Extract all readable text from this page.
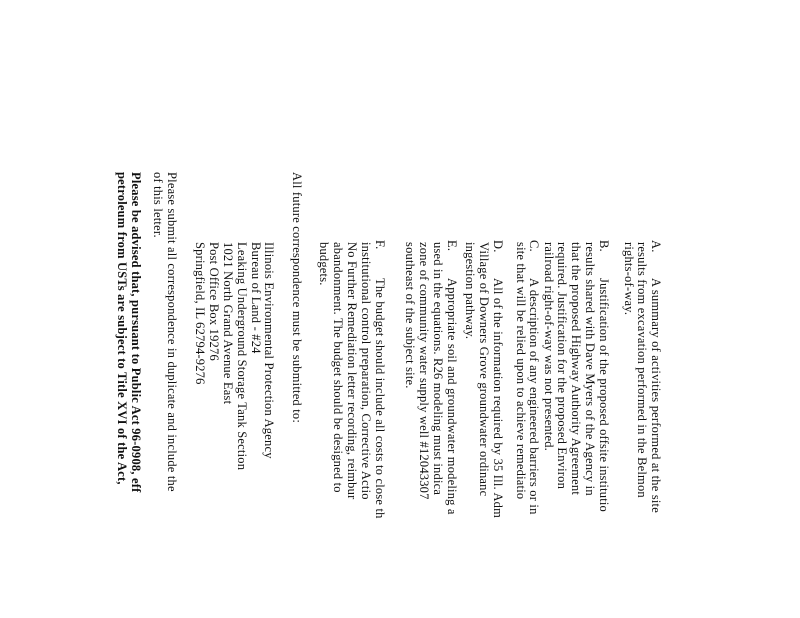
A.
A summary of activities performed at the site
results from excavation performed in the Belmon
rights-of-way.
B.
Justification of the proposed offsite institutio
results shared with Dave Myers of the Agency in
that the proposed Highway Authority Agreement
required. Justification for the proposed Environ
railroad right-of-way was not presented.
C.
A description of any engineered barriers or in
site that will be relied upon to achieve remediatio
D.
All of the information required by 35 Ill. Adm
Village of Downers Grove groundwater ordinanc
ingestion pathway.
E.
Appropriate soil and groundwater modeling a
used in the equations. R26 modeling must indica
zone of community water supply well #12043307
southeast of the subject site.
F.
The budget should include all costs to close th
institutional control preparation, Corrective Actio
No Further Remediation letter recording, reimbur
abandonment. The budget should be designed to
budgets.
All future correspondence must be submitted to:
Illinois Environmental Protection Agency
Bureau of Land - #24
Leaking Underground Storage Tank Section
1021 North Grand Avenue East
Post Office Box 19276
Springfield, IL 62794-9276
Please submit all correspondence in duplicate and include the
of this letter.
Please be advised that, pursuant to Public Act 96-0908, eff
petroleum from USTs are subject to Title XVI of the Act,
